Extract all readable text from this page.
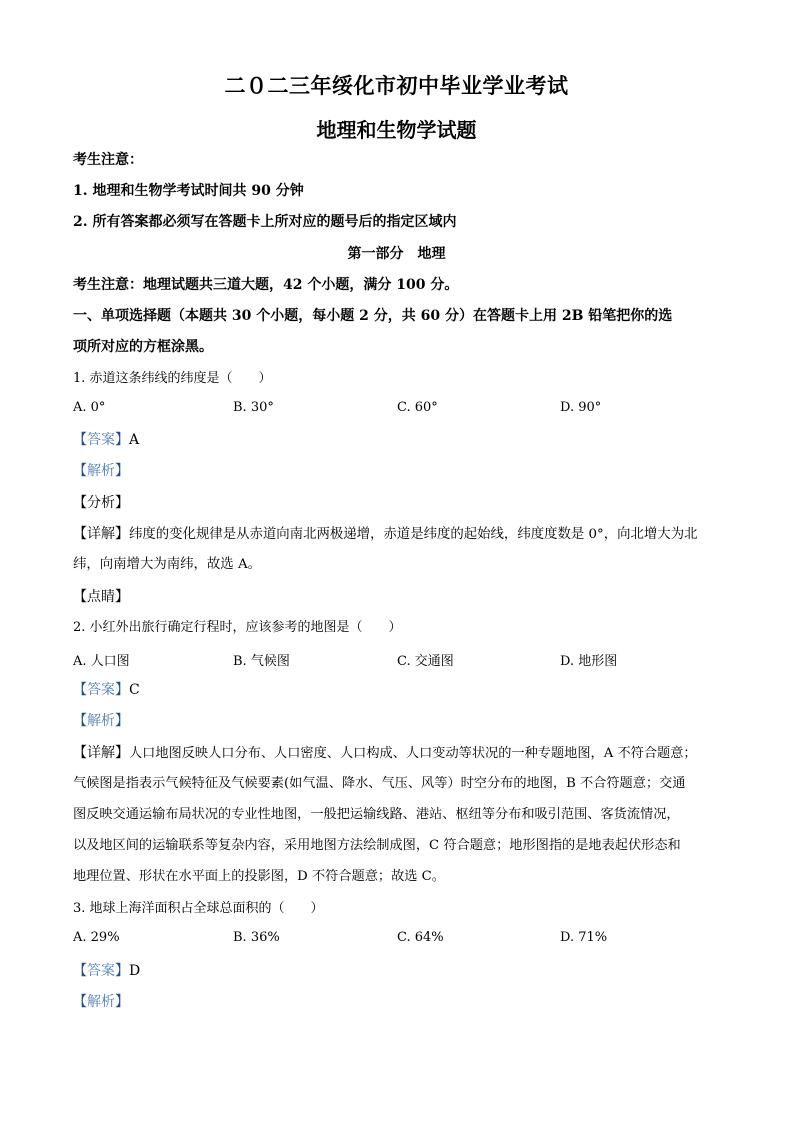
二０二三年绥化市初中毕业学业考试
地理和生物学试题
考生注意：
1. 地理和生物学考试时间共 90 分钟
2. 所有答案都必须写在答题卡上所对应的题号后的指定区域内
第一部分　地理
考生注意：地理试题共三道大题，42 个小题，满分 100 分。
一、单项选择题（本题共 30 个小题，每小题 2 分，共 60 分）在答题卡上用 2B 铅笔把你的选
项所对应的方框涂黑。
1. 赤道这条纬线的纬度是（　　）
A. 0°	B. 30°	C. 60°	D. 90°
【答案】A
【解析】
【分析】
【详解】纬度的变化规律是从赤道向南北两极递增，赤道是纬度的起始线，纬度度数是 0°，向北增大为北
纬，向南增大为南纬，故选 A。
【点睛】
2. 小红外出旅行确定行程时，应该参考的地图是（　　）
A. 人口图	B. 气候图	C. 交通图	D. 地形图
【答案】C
【解析】
【详解】人口地图反映人口分布、人口密度、人口构成、人口变动等状况的一种专题地图，A 不符合题意；
气候图是指表示气候特征及气候要素(如气温、降水、气压、风等）时空分布的地图，B 不合符题意；交通
图反映交通运输布局状况的专业性地图，一般把运输线路、港站、枢纽等分布和吸引范围、客货流情况，
以及地区间的运输联系等复杂内容，采用地图方法绘制成图，C 符合题意；地形图指的是地表起伏形态和
地理位置、形状在水平面上的投影图，D 不符合题意；故选 C。
3. 地球上海洋面积占全球总面积的（　　）
A. 29%	B. 36%	C. 64%	D. 71%
【答案】D
【解析】
